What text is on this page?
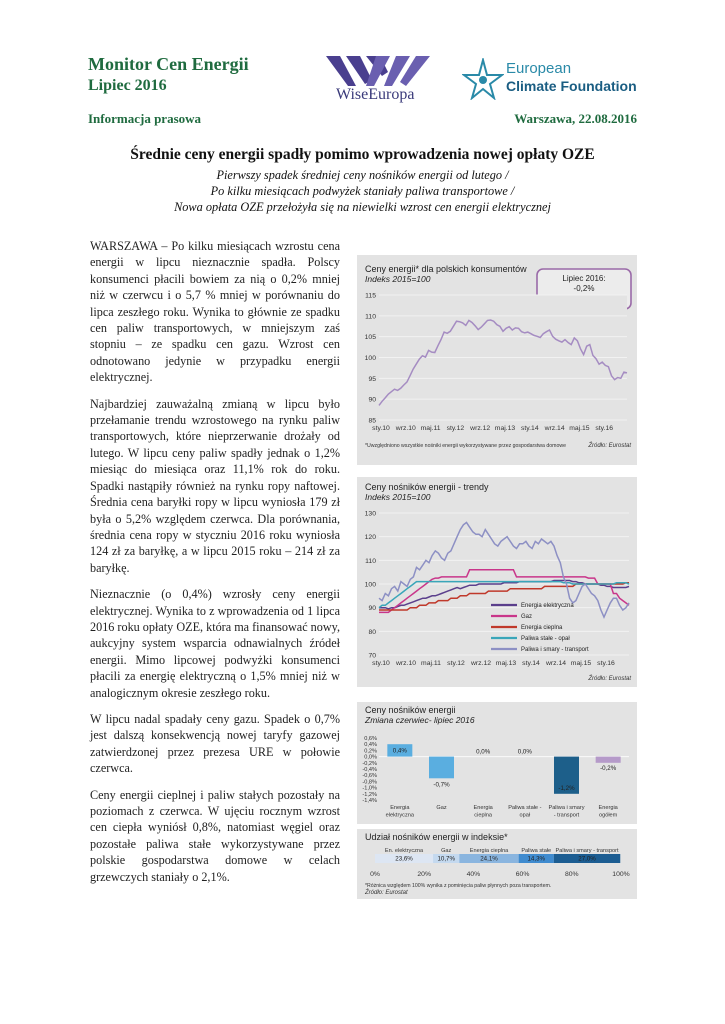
Monitor Cen Energii
Lipiec 2016
WiseEuropa
European
Climate Foundation
Informacja prasowa	Warszawa, 22.08.2016
Średnie ceny energii spadły pomimo wprowadzenia nowej opłaty OZE
Pierwszy spadek średniej ceny nośników energii od lutego /
Po kilku miesiącach podwyżek staniały paliwa transportowe /
Nowa opłata OZE przełożyła się na niewielki wzrost cen energii elektrycznej

WARSZAWA – Po kilku miesiącach wzrostu cena energii w lipcu nieznacznie spadła. Polscy konsumenci płacili bowiem za nią o 0,2% mniej niż w czerwcu i o 5,7 % mniej w porównaniu do lipca zeszłego roku. Wynika to głównie ze spadku cen paliw transportowych, w mniejszym zaś stopniu – ze spadku cen gazu. Wzrost cen odnotowano jedynie w przypadku energii elektrycznej.

Najbardziej zauważalną zmianą w lipcu było przełamanie trendu wzrostowego na rynku paliw transportowych, które nieprzerwanie drożały od lutego. W lipcu ceny paliw spadły jednak o 1,2% miesiąc do miesiąca oraz 11,1% rok do roku. Spadki nastąpiły również na rynku ropy naftowej. Średnia cena baryłki ropy w lipcu wyniosła 179 zł była o 5,2% względem czerwca. Dla porównania, średnia cena ropy w styczniu 2016 roku wyniosła 124 zł za baryłkę, a w lipcu 2015 roku – 214 zł za baryłkę.

Nieznacznie (o 0,4%) wzrosły ceny energii elektrycznej. Wynika to z wprowadzenia od 1 lipca 2016 roku opłaty OZE, która ma finansować nowy, aukcyjny system wsparcia odnawialnych źródeł energii. Mimo lipcowej podwyżki konsumenci płacili za energię elektryczną o 1,5% mniej niż w analogicznym okresie zeszłego roku.

W lipcu nadal spadały ceny gazu. Spadek o 0,7% jest dalszą konsekwencją nowej taryfy gazowej zatwierdzonej przez prezesa URE w połowie czerwca.

Ceny energii cieplnej i paliw stałych pozostały na poziomach z czerwca. W ujęciu rocznym wzrost cen ciepła wyniósł 0,8%, natomiast węgiel oraz pozostałe paliwa stałe wykorzystywane przez polskie gospodarstwa domowe w celach grzewczych staniały o 2,1%.

Ceny energii* dla polskich konsumentów
Indeks 2015=100	Lipiec 2016:
-0,2%
85
90
95
100
105
110
115
sty.10 wrz.10 maj.11 sty.12 wrz.12 maj.13 sty.14 wrz.14 maj.15 sty.16
*Uwzględniono wszystkie nośniki energii wykorzystywane przez gospodarstwa domowe	Źródło: Eurostat
Ceny nośników energii - trendy
Indeks 2015=100
70
80
90
100
110
120
130
sty.10 wrz.10 maj.11 sty.12 wrz.12 maj.13 sty.14 wrz.14 maj.15 sty.16
Energia elektryczna
Gaz
Energia cieplna
Paliwa stałe - opał
Paliwa i smary - transport
Źródło: Eurostat
Ceny nośników energii
Zmiana czerwiec- lipiec 2016
0,6%
0,4%
0,2%
0,0%
-0,2%
-0,4%
-0,6%
-0,8%
-1,0%
-1,2%
-1,4%
0,4%
Energia
elektryczna
-0,7%
Gaz
0,0%
Energia
cieplna
0,0%
Paliwa stałe -
opał
-1,2%
Paliwa i smary
- transport
-0,2%
Energia
ogółem
Udział nośników energii w indeksie*
En. elektryczna
23,6%
Gaz
10,7%
Energia cieplna
24,1%
Paliwa stałe
14,3%
Paliwa i smary - transport
27,0%
0%	20%	40%	60%	80%	100%
*Różnica względem 100% wynika z pominięcia paliw płynnych poza transportem.
Źródło: Eurostat
